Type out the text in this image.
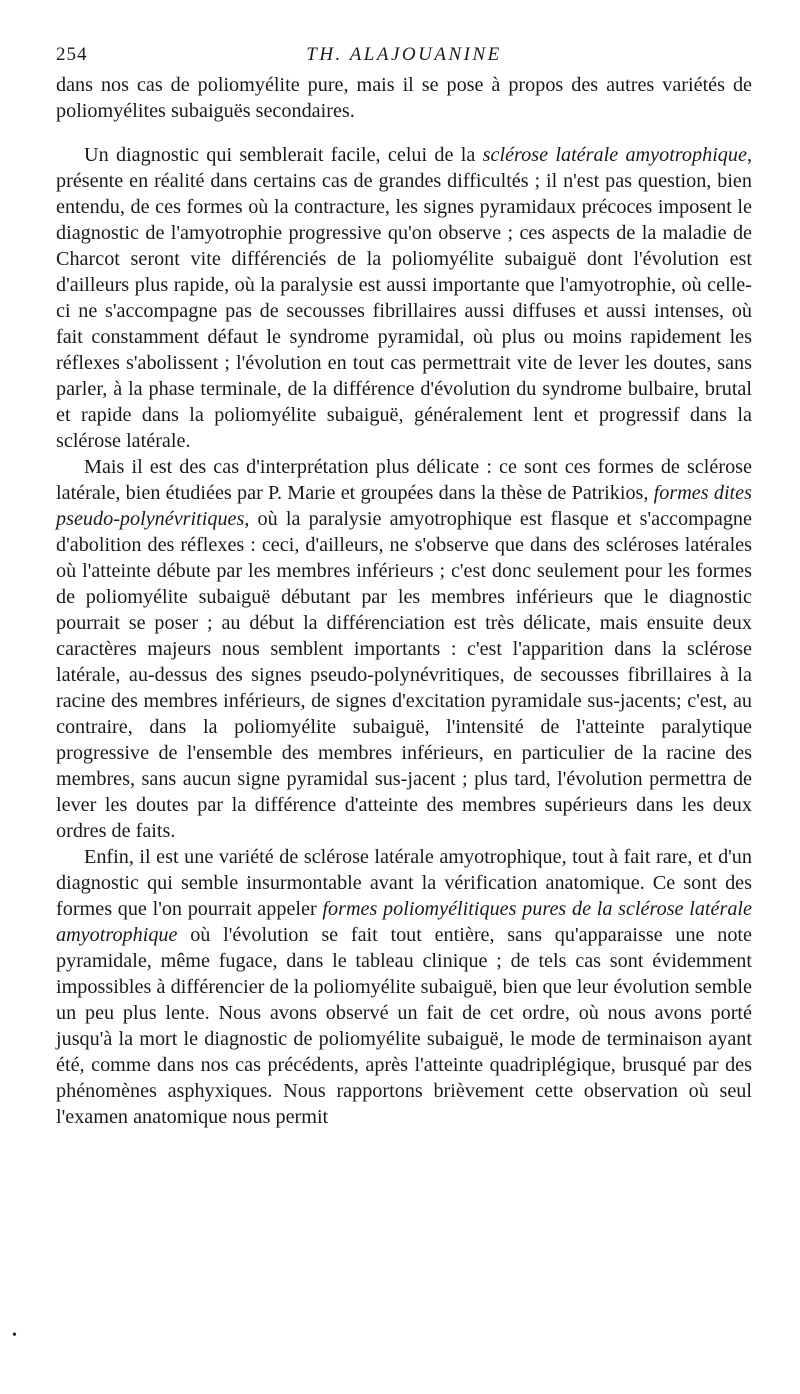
254	TH. ALAJOUANINE

dans nos cas de poliomyélite pure, mais il se pose à propos des autres variétés de poliomyélites subaiguës secondaires.

Un diagnostic qui semblerait facile, celui de la sclérose latérale amyotrophique, présente en réalité dans certains cas de grandes difficultés ; il n'est pas question, bien entendu, de ces formes où la contracture, les signes pyramidaux précoces imposent le diagnostic de l'amyotrophie progressive qu'on observe ; ces aspects de la maladie de Charcot seront vite différenciés de la poliomyélite subaiguë dont l'évolution est d'ailleurs plus rapide, où la paralysie est aussi importante que l'amyotrophie, où celle-ci ne s'accompagne pas de secousses fibrillaires aussi diffuses et aussi intenses, où fait constamment défaut le syndrome pyramidal, où plus ou moins rapidement les réflexes s'abolissent ; l'évolution en tout cas permettrait vite de lever les doutes, sans parler, à la phase terminale, de la différence d'évolution du syndrome bulbaire, brutal et rapide dans la poliomyélite subaiguë, généralement lent et progressif dans la sclérose latérale.

Mais il est des cas d'interprétation plus délicate : ce sont ces formes de sclérose latérale, bien étudiées par P. Marie et groupées dans la thèse de Patrikios, formes dites pseudo-polynévritiques, où la paralysie amyotrophique est flasque et s'accompagne d'abolition des réflexes : ceci, d'ailleurs, ne s'observe que dans des scléroses latérales où l'atteinte débute par les membres inférieurs ; c'est donc seulement pour les formes de poliomyélite subaiguë débutant par les membres inférieurs que le diagnostic pourrait se poser ; au début la différenciation est très délicate, mais ensuite deux caractères majeurs nous semblent importants : c'est l'apparition dans la sclérose latérale, au-dessus des signes pseudo-polynévritiques, de secousses fibrillaires à la racine des membres inférieurs, de signes d'excitation pyramidale sus-jacents; c'est, au contraire, dans la poliomyélite subaiguë, l'intensité de l'atteinte paralytique progressive de l'ensemble des membres inférieurs, en particulier de la racine des membres, sans aucun signe pyramidal sus-jacent ; plus tard, l'évolution permettra de lever les doutes par la différence d'atteinte des membres supérieurs dans les deux ordres de faits.

Enfin, il est une variété de sclérose latérale amyotrophique, tout à fait rare, et d'un diagnostic qui semble insurmontable avant la vérification anatomique. Ce sont des formes que l'on pourrait appeler formes poliomyélitiques pures de la sclérose latérale amyotrophique où l'évolution se fait tout entière, sans qu'apparaisse une note pyramidale, même fugace, dans le tableau clinique ; de tels cas sont évidemment impossibles à différencier de la poliomyélite subaiguë, bien que leur évolution semble un peu plus lente. Nous avons observé un fait de cet ordre, où nous avons porté jusqu'à la mort le diagnostic de poliomyélite subaiguë, le mode de terminaison ayant été, comme dans nos cas précédents, après l'atteinte quadriplégique, brusqué par des phénomènes asphyxiques. Nous rapportons brièvement cette observation où seul l'examen anatomique nous permit

•
